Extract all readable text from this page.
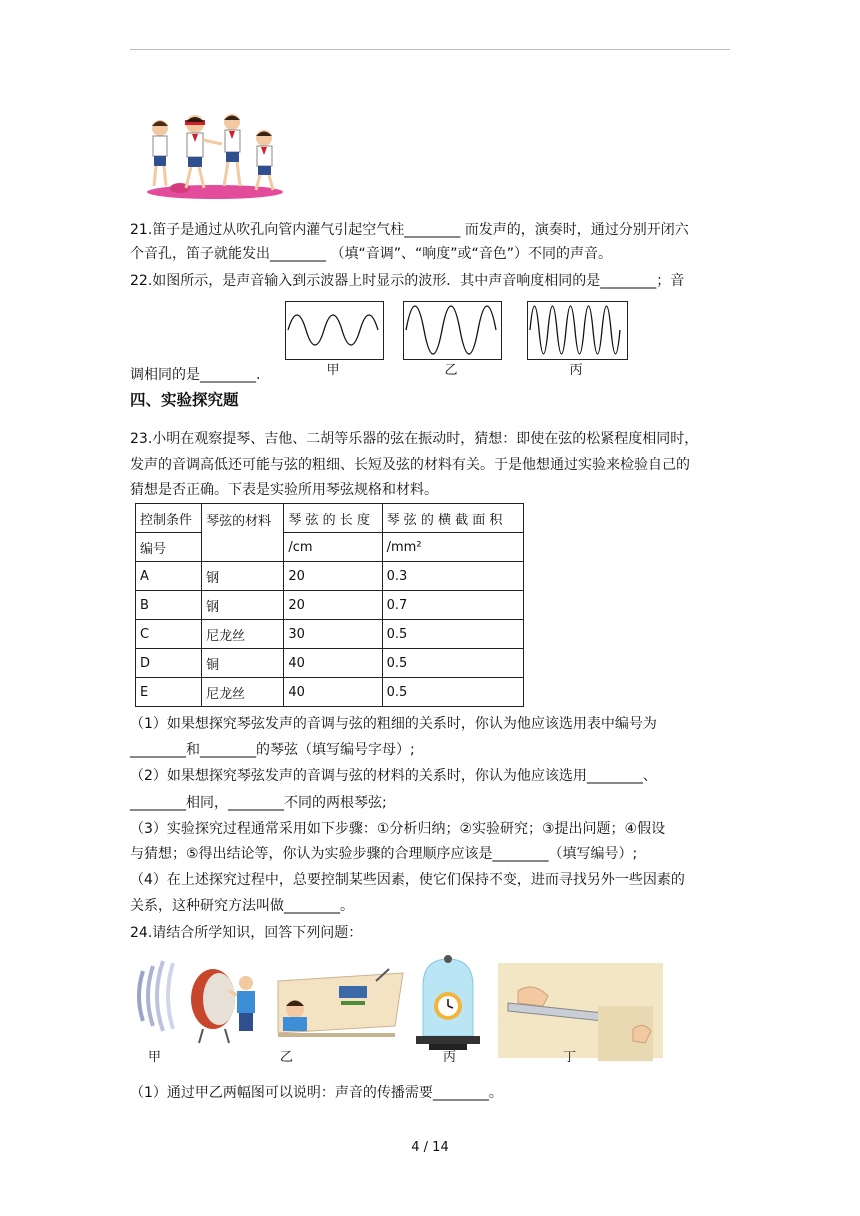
21.笛子是通过从吹孔向管内灌气引起空气柱________ 而发声的，演奏时，通过分别开闭六
个音孔，笛子就能发出________ （填“音调”、“响度”或“音色”）不同的声音。
22.如图所示，是声音输入到示波器上时显示的波形．其中声音响度相同的是________；音
甲	乙	丙
调相同的是________.
四、实验探究题
23.小明在观察提琴、吉他、二胡等乐器的弦在振动时，猜想：即使在弦的松紧程度相同时，
发声的音调高低还可能与弦的粗细、长短及弦的材料有关。于是他想通过实验来检验自己的
猜想是否正确。下表是实验所用琴弦规格和材料。
控制条件	琴弦的材料	琴 弦 的 长 度	琴 弦 的 横 截 面 积
编号		/cm	/mm²
A	钢	20	0.3
B	钢	20	0.7
C	尼龙丝	30	0.5
D	铜	40	0.5
E	尼龙丝	40	0.5
（1）如果想探究琴弦发声的音调与弦的粗细的关系时，你认为他应该选用表中编号为
________和________的琴弦（填写编号字母）;
（2）如果想探究琴弦发声的音调与弦的材料的关系时，你认为他应该选用________、
________相同，________不同的两根琴弦;
（3）实验探究过程通常采用如下步骤：①分析归纳；②实验研究；③提出问题；④假设
与猜想；⑤得出结论等，你认为实验步骤的合理顺序应该是________（填写编号）;
（4）在上述探究过程中，总要控制某些因素，使它们保持不变，进而寻找另外一些因素的
关系，这种研究方法叫做________。
24.请结合所学知识，回答下列问题：
甲	乙	丙	丁
（1）通过甲乙两幅图可以说明：声音的传播需要________。
4 / 14
